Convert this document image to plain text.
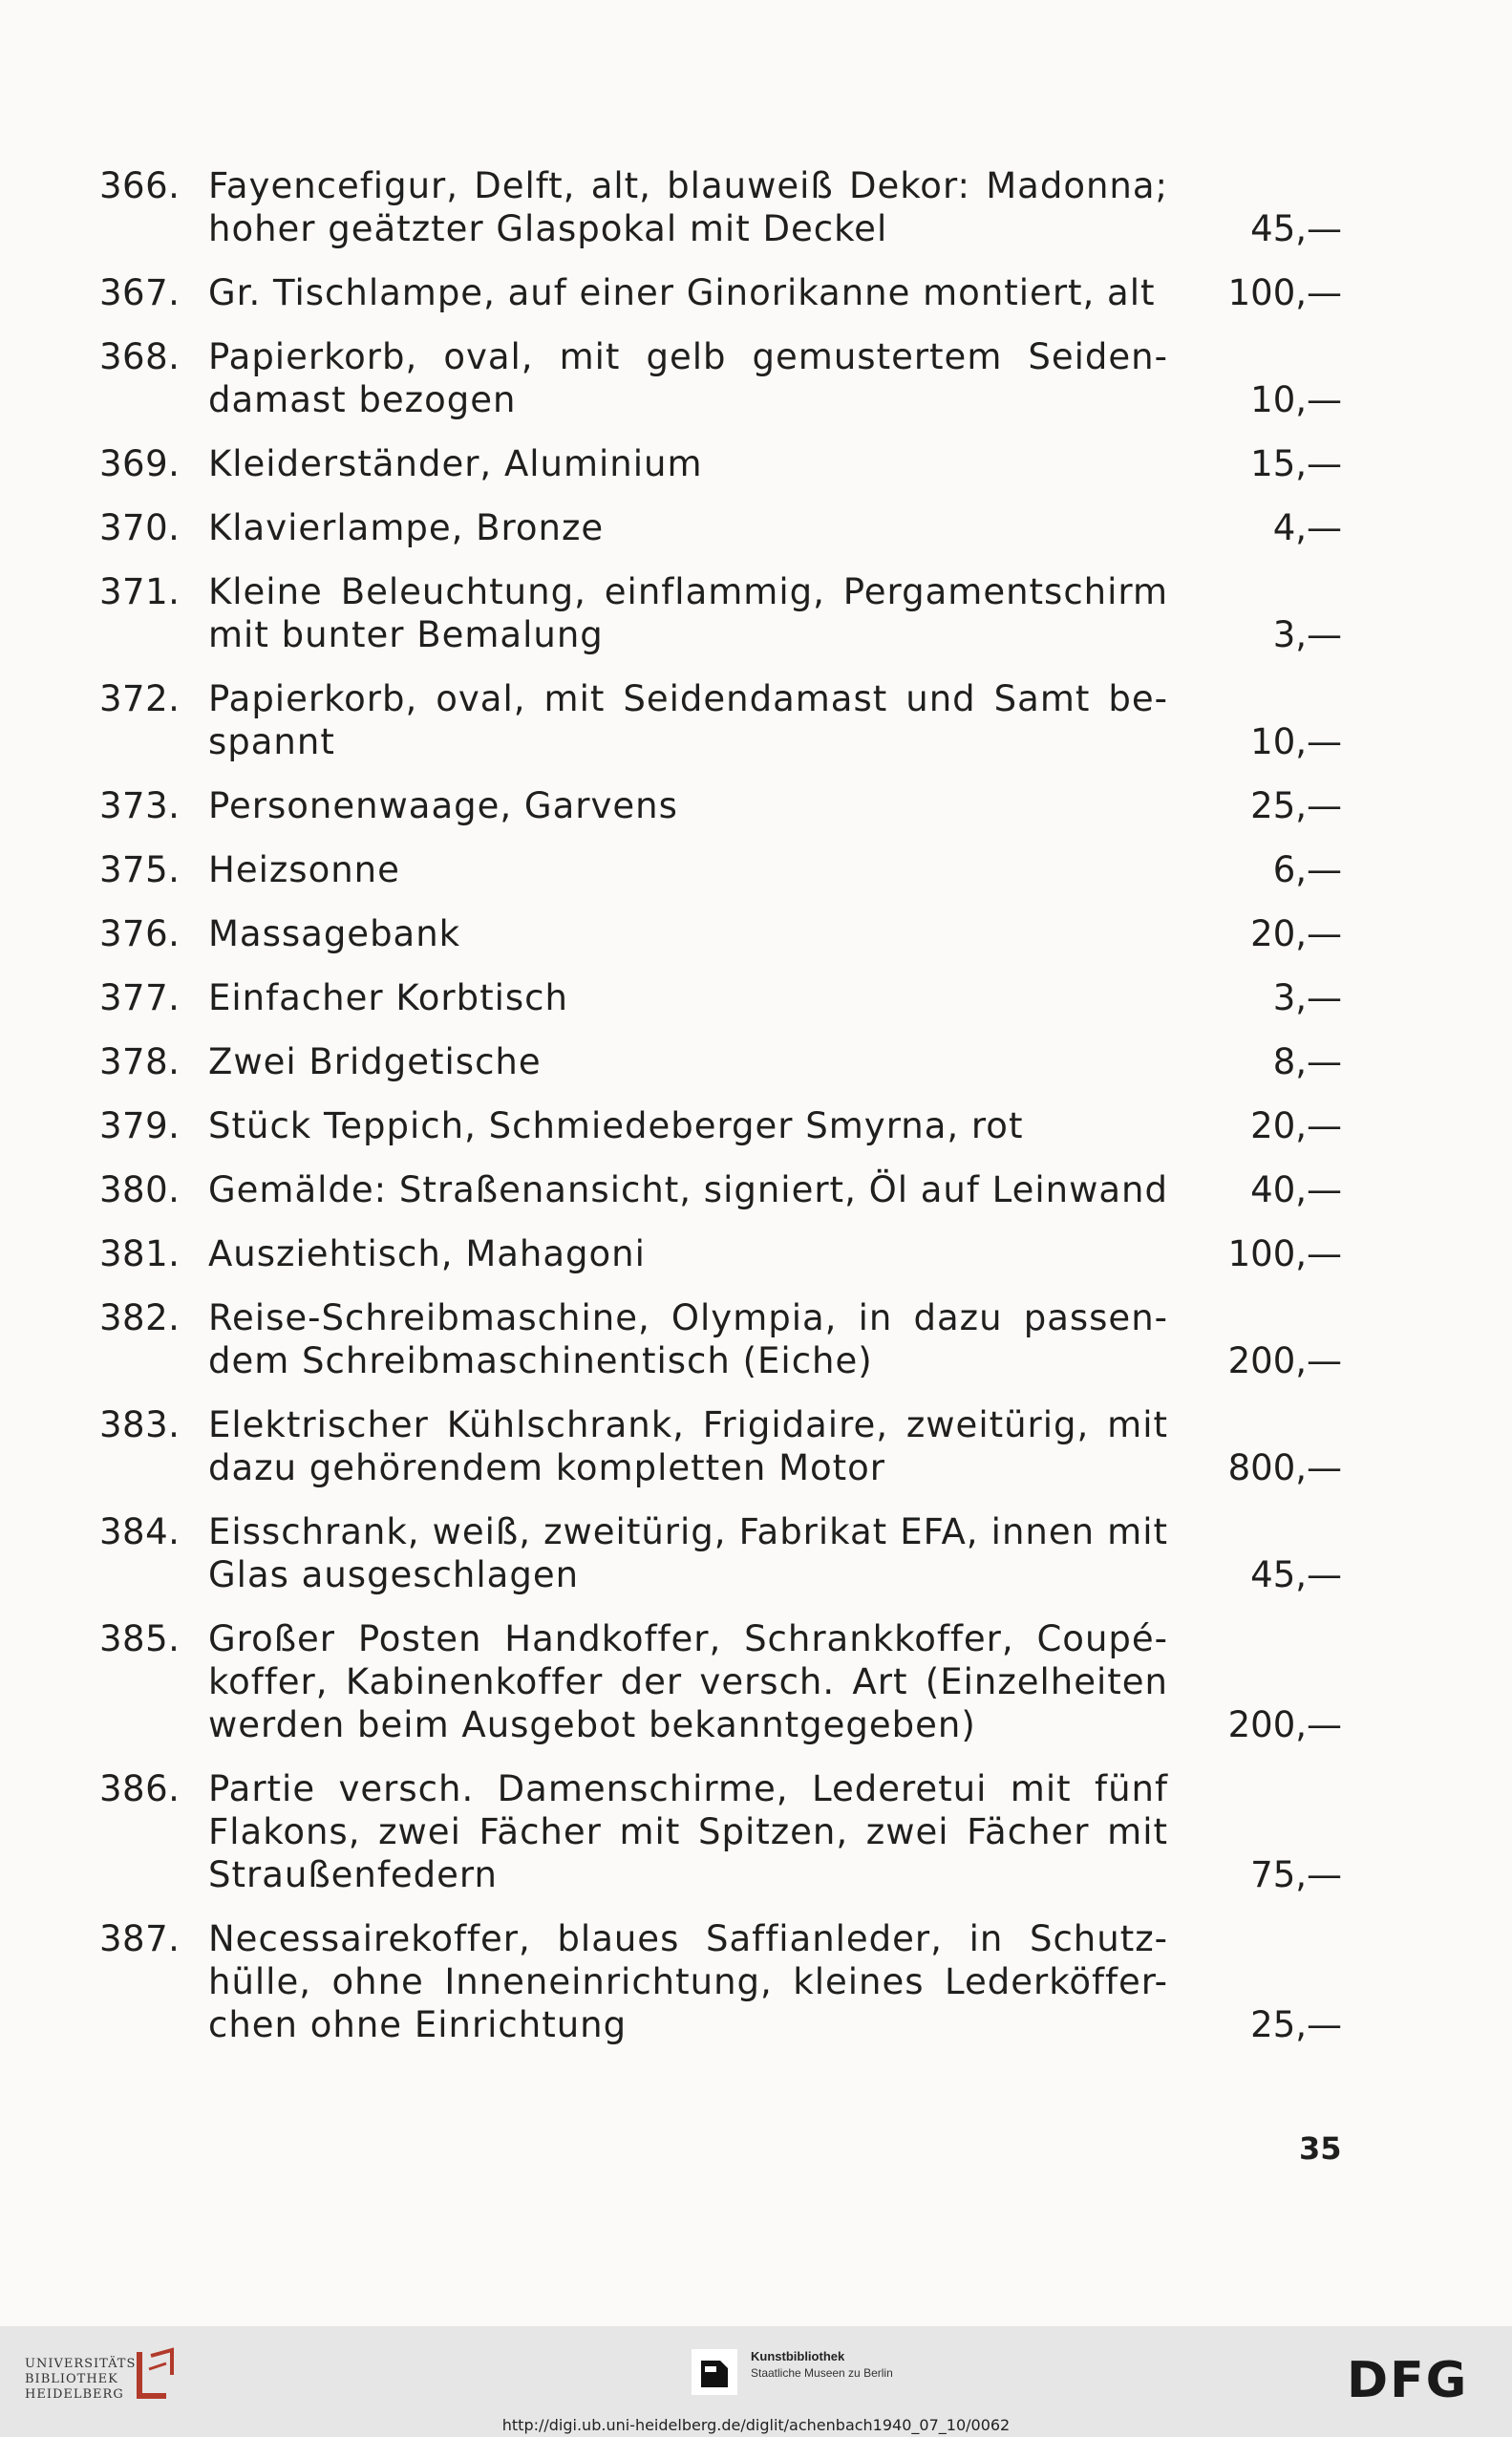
366. Fayencefigur, Delft, alt, blauweiß Dekor: Madonna; hoher geätzter Glaspokal mit Deckel	45,—
367. Gr. Tischlampe, auf einer Ginorikanne montiert, alt	100,—
368. Papierkorb, oval, mit gelb gemustertem Seiden-damast bezogen	10,—
369. Kleiderständer, Aluminium	15,—
370. Klavierlampe, Bronze	4,—
371. Kleine Beleuchtung, einflammig, Pergamentschirm mit bunter Bemalung	3,—
372. Papierkorb, oval, mit Seidendamast und Samt be-spannt	10,—
373. Personenwaage, Garvens	25,—
375. Heizsonne	6,—
376. Massagebank	20,—
377. Einfacher Korbtisch	3,—
378. Zwei Bridgetische	8,—
379. Stück Teppich, Schmiedeberger Smyrna, rot	20,—
380. Gemälde: Straßenansicht, signiert, Öl auf Leinwand 40,—
381. Ausziehtisch, Mahagoni	100,—
382. Reise-Schreibmaschine, Olympia, in dazu passen-dem Schreibmaschinentisch (Eiche)	200,—
383. Elektrischer Kühlschrank, Frigidaire, zweitürig, mit dazu gehörendem kompletten Motor	800,—
384. Eisschrank, weiß, zweitürig, Fabrikat EFA, innen mit Glas ausgeschlagen	45,—
385. Großer Posten Handkoffer, Schrankkoffer, Coupé-koffer, Kabinenkoffer der versch. Art (Einzelheiten werden beim Ausgebot bekanntgegeben)	200,—
386. Partie versch. Damenschirme, Lederetui mit fünf Flakons, zwei Fächer mit Spitzen, zwei Fächer mit Straußenfedern	75,—
387. Necessairekoffer, blaues Saffianleder, in Schutz-hülle, ohne Inneneinrichtung, kleines Lederköffer-chen ohne Einrichtung	25,—
35
UNIVERSITÄTS-
BIBLIOTHEK
HEIDELBERG
Kunstbibliothek
Staatliche Museen zu Berlin	DFG
http://digi.ub.uni-heidelberg.de/diglit/achenbach1940_07_10/0062
